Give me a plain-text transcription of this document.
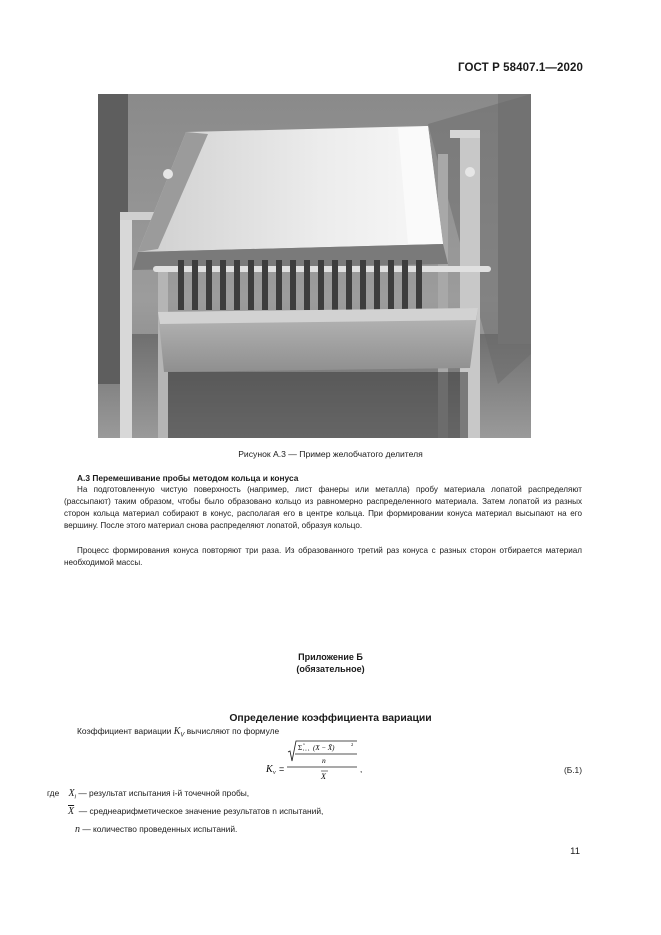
ГОСТ Р 58407.1—2020
Рисунок А.3 — Пример желобчатого делителя
А.3 Перемешивание пробы методом кольца и конуса
На подготовленную чистую поверхность (например, лист фанеры или металла) пробу материала лопатой распределяют (рассыпают) таким образом, чтобы было образовано кольцо из равномерно распределенного материала. Затем лопатой из разных сторон кольца материал собирают в конус, располагая его в центре кольца. При формировании конуса материал высыпают на его вершину. После этого материал снова распределяют лопатой, образуя кольцо.
Процесс формирования конуса повторяют три раза. Из образованного третий раз конуса с разных сторон отбирается материал необходимой массы.
Приложение Б
(обязательное)
Определение коэффициента вариации
Коэффициент вариации $K_V$ вычисляют по формуле
K v =
Σ n
i = 1 (X − X̄)	2
n
X
,	(Б.1)
где $X_i$ — результат испытания i-й точечной пробы,
$\overline{X}$ — среднеарифметическое значение результатов n испытаний,
n — количество проведенных испытаний.
11
